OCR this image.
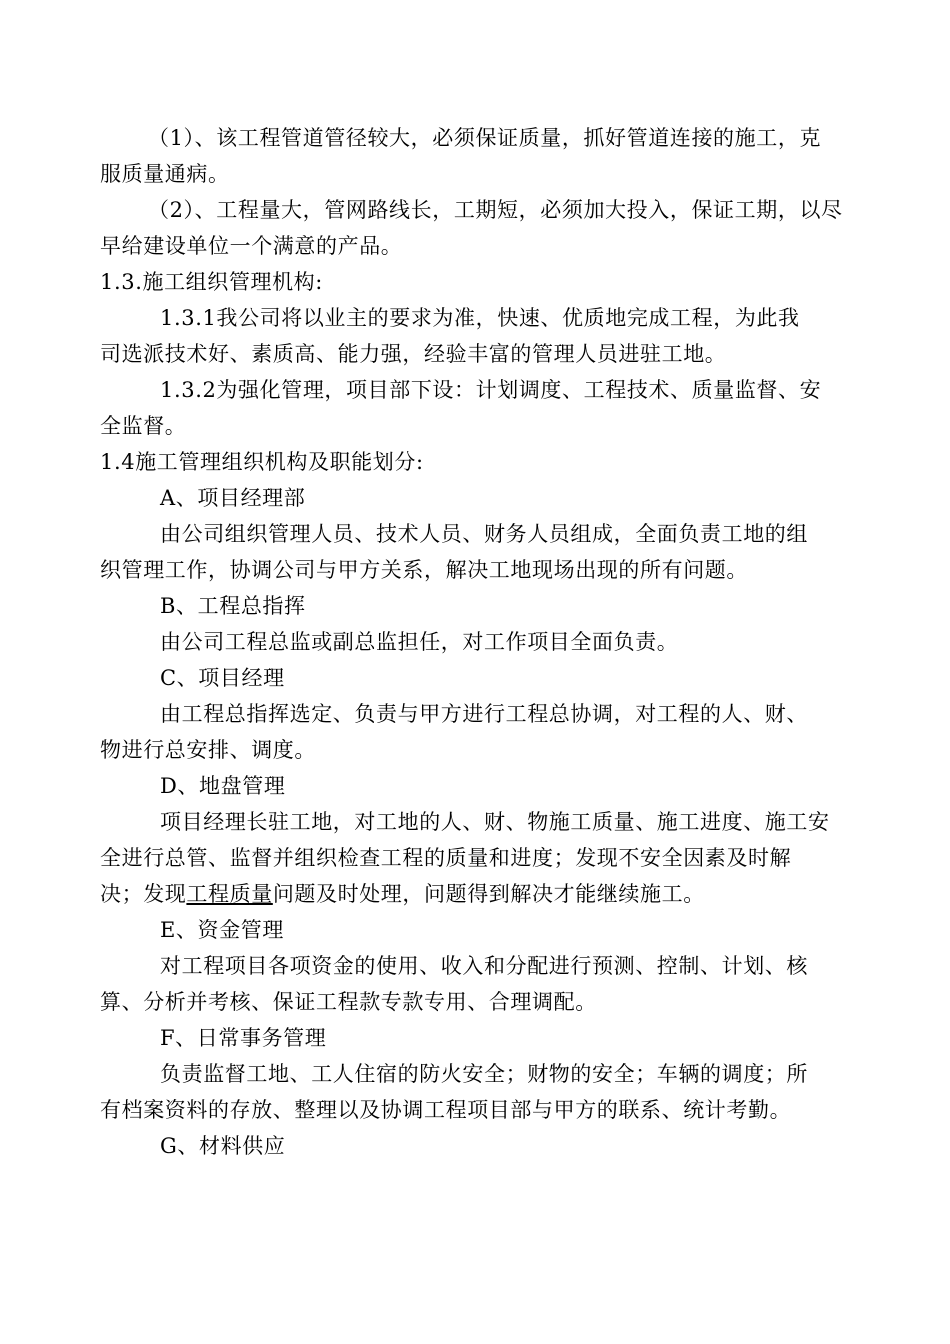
（1）、该工程管道管径较大，必须保证质量，抓好管道连接的施工，克
服质量通病。
（2）、工程量大，管网路线长，工期短，必须加大投入，保证工期，以尽
早给建设单位一个满意的产品。
1.3.施工组织管理机构:
1.3.1我公司将以业主的要求为准，快速、优质地完成工程，为此我
司选派技术好、素质高、能力强，经验丰富的管理人员进驻工地。
1.3.2为强化管理，项目部下设：计划调度、工程技术、质量监督、安
全监督。
1.4施工管理组织机构及职能划分:
A、项目经理部
由公司组织管理人员、技术人员、财务人员组成，全面负责工地的组
织管理工作，协调公司与甲方关系，解决工地现场出现的所有问题。
B、工程总指挥
由公司工程总监或副总监担任，对工作项目全面负责。
C、项目经理
由工程总指挥选定、负责与甲方进行工程总协调，对工程的人、财、
物进行总安排、调度。
D、地盘管理
项目经理长驻工地，对工地的人、财、物施工质量、施工进度、施工安
全进行总管、监督并组织检查工程的质量和进度；发现不安全因素及时解
决；发现工程质量问题及时处理，问题得到解决才能继续施工。
E、资金管理
对工程项目各项资金的使用、收入和分配进行预测、控制、计划、核
算、分析并考核、保证工程款专款专用、合理调配。
F、日常事务管理
负责监督工地、工人住宿的防火安全；财物的安全；车辆的调度；所
有档案资料的存放、整理以及协调工程项目部与甲方的联系、统计考勤。
G、材料供应
